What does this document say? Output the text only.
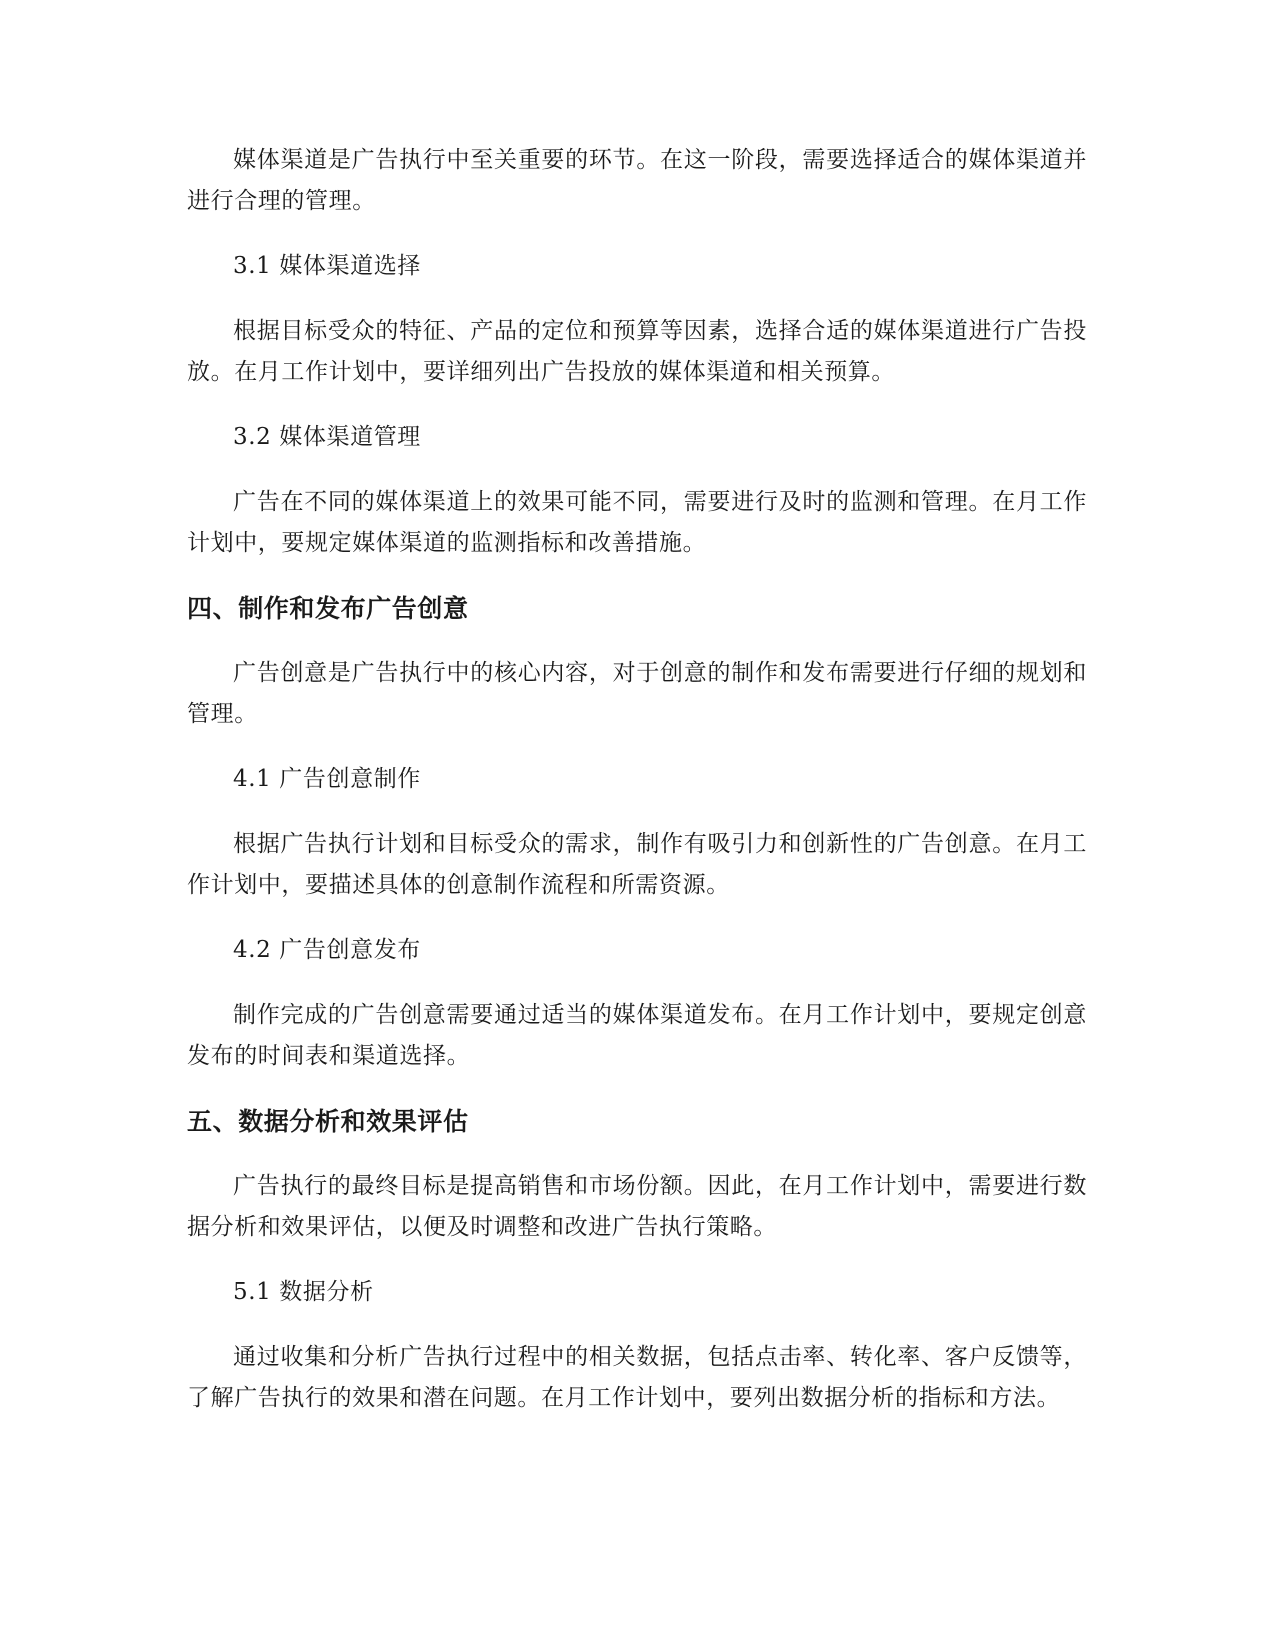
媒体渠道是广告执行中至关重要的环节。在这一阶段，需要选择适合的媒体渠道并进行合理的管理。

3.1 媒体渠道选择

根据目标受众的特征、产品的定位和预算等因素，选择合适的媒体渠道进行广告投放。在月工作计划中，要详细列出广告投放的媒体渠道和相关预算。

3.2 媒体渠道管理

广告在不同的媒体渠道上的效果可能不同，需要进行及时的监测和管理。在月工作计划中，要规定媒体渠道的监测指标和改善措施。

四、制作和发布广告创意

广告创意是广告执行中的核心内容，对于创意的制作和发布需要进行仔细的规划和管理。

4.1 广告创意制作

根据广告执行计划和目标受众的需求，制作有吸引力和创新性的广告创意。在月工作计划中，要描述具体的创意制作流程和所需资源。

4.2 广告创意发布

制作完成的广告创意需要通过适当的媒体渠道发布。在月工作计划中，要规定创意发布的时间表和渠道选择。

五、数据分析和效果评估

广告执行的最终目标是提高销售和市场份额。因此，在月工作计划中，需要进行数据分析和效果评估，以便及时调整和改进广告执行策略。

5.1 数据分析

通过收集和分析广告执行过程中的相关数据，包括点击率、转化率、客户反馈等，了解广告执行的效果和潜在问题。在月工作计划中，要列出数据分析的指标和方法。
